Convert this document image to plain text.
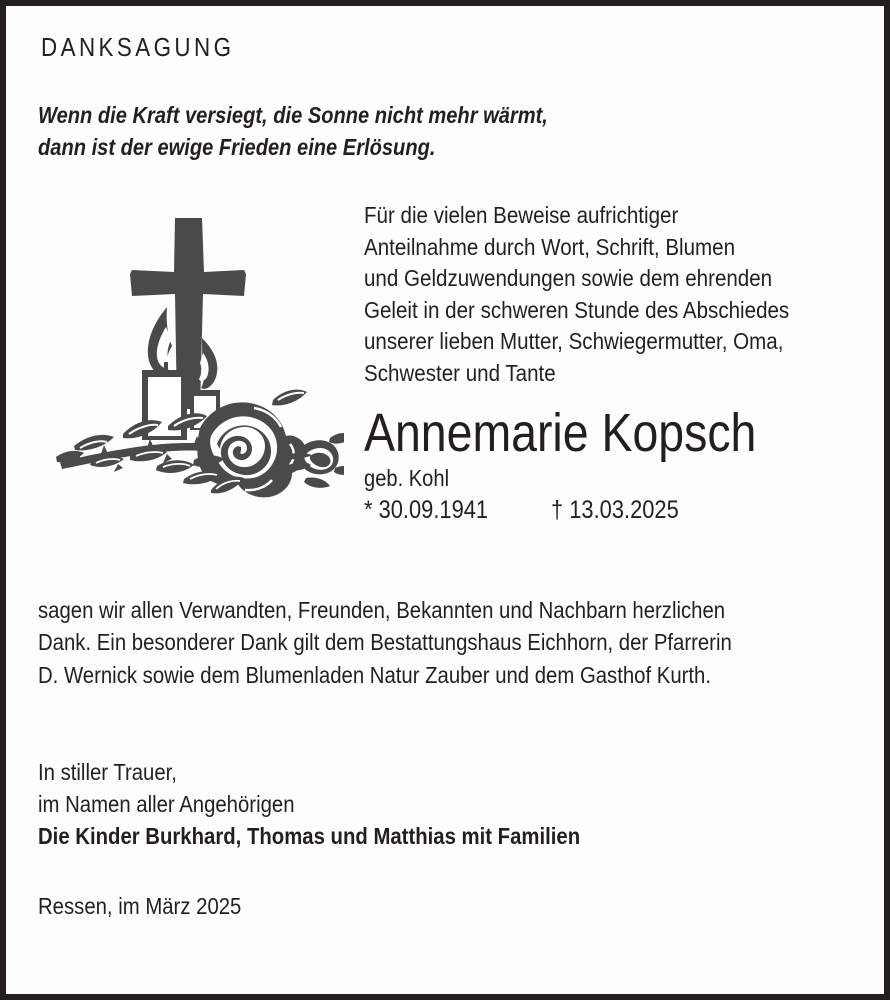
DANKSAGUNG
Wenn die Kraft versiegt, die Sonne nicht mehr wärmt,
dann ist der ewige Frieden eine Erlösung.
Für die vielen Beweise aufrichtiger
Anteilnahme durch Wort, Schrift, Blumen
und Geldzuwendungen sowie dem ehrenden
Geleit in der schweren Stunde des Abschiedes
unserer lieben Mutter, Schwiegermutter, Oma,
Schwester und Tante
Annemarie Kopsch
geb. Kohl
* 30.09.1941	† 13.03.2025
sagen wir allen Verwandten, Freunden, Bekannten und Nachbarn herzlichen
Dank. Ein besonderer Dank gilt dem Bestattungshaus Eichhorn, der Pfarrerin
D. Wernick sowie dem Blumenladen Natur Zauber und dem Gasthof Kurth.
In stiller Trauer,
im Namen aller Angehörigen
Die Kinder Burkhard, Thomas und Matthias mit Familien
Ressen, im März 2025
